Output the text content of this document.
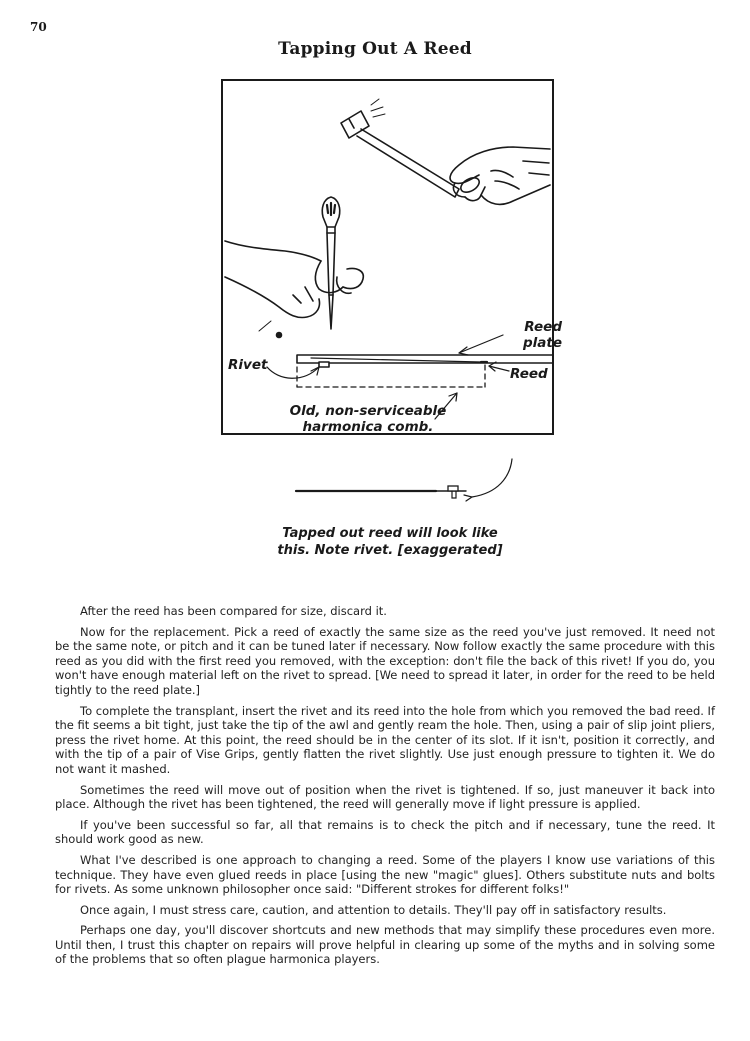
70
Tapping Out A Reed
Reed
plate
Reed
Rivet
Old, non-serviceable
harmonica comb.
Tapped out reed will look like
this. Note rivet. [exaggerated]

After the reed has been compared for size, discard it.

Now for the replacement. Pick a reed of exactly the same size as the reed you've just removed. It need not be the same note, or pitch and it can be tuned later if necessary. Now follow exactly the same procedure with this reed as you did with the first reed you removed, with the exception: don't file the back of this rivet! If you do, you won't have enough material left on the rivet to spread. [We need to spread it later, in order for the reed to be held tightly to the reed plate.]

To complete the transplant, insert the rivet and its reed into the hole from which you removed the bad reed. If the fit seems a bit tight, just take the tip of the awl and gently ream the hole. Then, using a pair of slip joint pliers, press the rivet home. At this point, the reed should be in the center of its slot. If it isn't, position it correctly, and with the tip of a pair of Vise Grips, gently flatten the rivet slightly. Use just enough pressure to tighten it. We do not want it mashed.

Sometimes the reed will move out of position when the rivet is tightened. If so, just maneuver it back into place. Although the rivet has been tightened, the reed will generally move if light pressure is applied.

If you've been successful so far, all that remains is to check the pitch and if necessary, tune the reed. It should work good as new.

What I've described is one approach to changing a reed. Some of the players I know use variations of this technique. They have even glued reeds in place [using the new "magic" glues]. Others substitute nuts and bolts for rivets. As some unknown philosopher once said: "Different strokes for different folks!"

Once again, I must stress care, caution, and attention to details. They'll pay off in satisfactory results.

Perhaps one day, you'll discover shortcuts and new methods that may simplify these procedures even more. Until then, I trust this chapter on repairs will prove helpful in clearing up some of the myths and in solving some of the problems that so often plague harmonica players.
